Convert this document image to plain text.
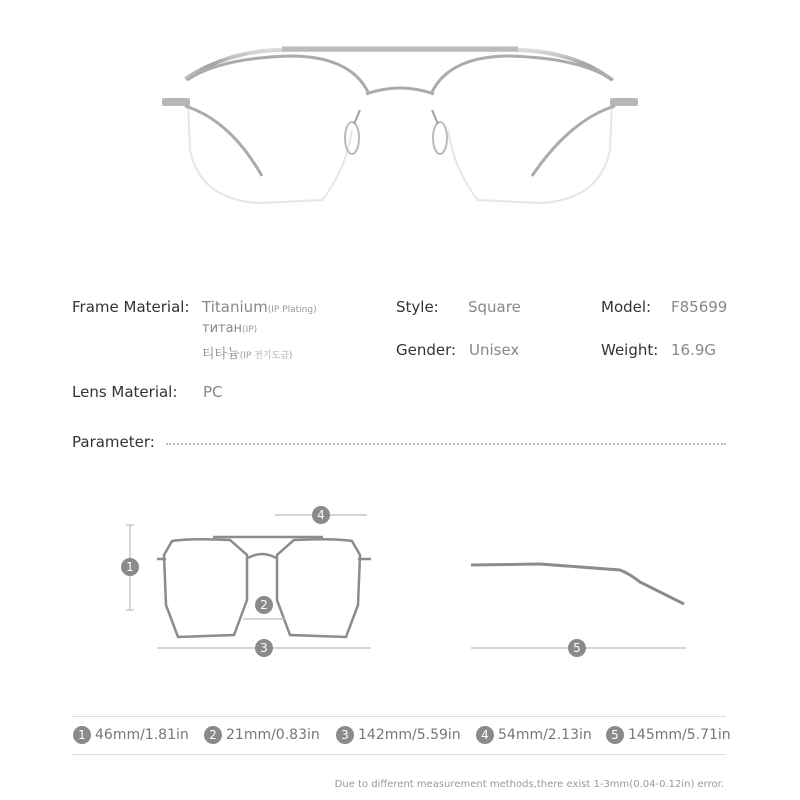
Frame Material: Titanium(IP Plating)
титан(IP)
티타늄(IP 전기도금)
Style: Square	Model: F85699
Gender: Unisex	Weight: 16.9G
Lens Material: PC
Parameter:
1
2
3
4
5
1 46mm/1.81in	2 21mm/0.83in	3 142mm/5.59in	4 54mm/2.13in	5 145mm/5.71in
Due to different measurement methods,there exist 1-3mm(0.04-0.12in) error.
